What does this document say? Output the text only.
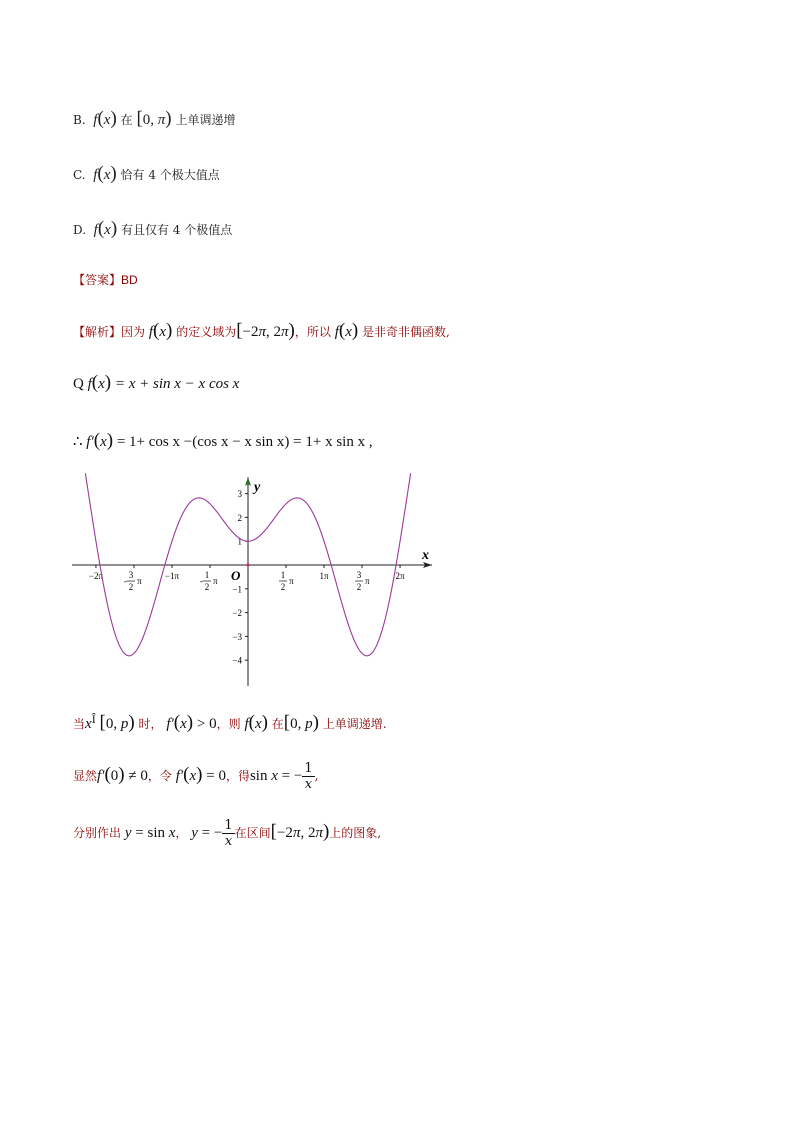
B. f(x) 在 [0, π) 上单调递增
C. f(x) 恰有 4 个极大值点
D. f(x) 有且仅有 4 个极值点
【答案】BD
【解析】因为 f(x) 的定义域为[−2π, 2π)，所以 f(x) 是非奇非偶函数,
Q f(x) = x + sin x − x cos x
∴ f′(x) = 1+ cos x −(cos x − x sin x) = 1+ x sin x ,
x
y
O
−4
−3
−2
−1
1
2
3
−2π -
3
2
π	−1π -
1
2
π
1
2
π	1π	3
2
π	2π
当xÎ [0, p) 时， f′(x) > 0，则 f(x) 在[0, p) 上单调递增.
显然f′(0) ≠ 0，令 f′(x) = 0，得sin x = − $\frac{1}{x}$ ,
分别作出 y = sin x， y = − $\frac{1}{x}$ 在区间[−2π, 2π)上的图象,
